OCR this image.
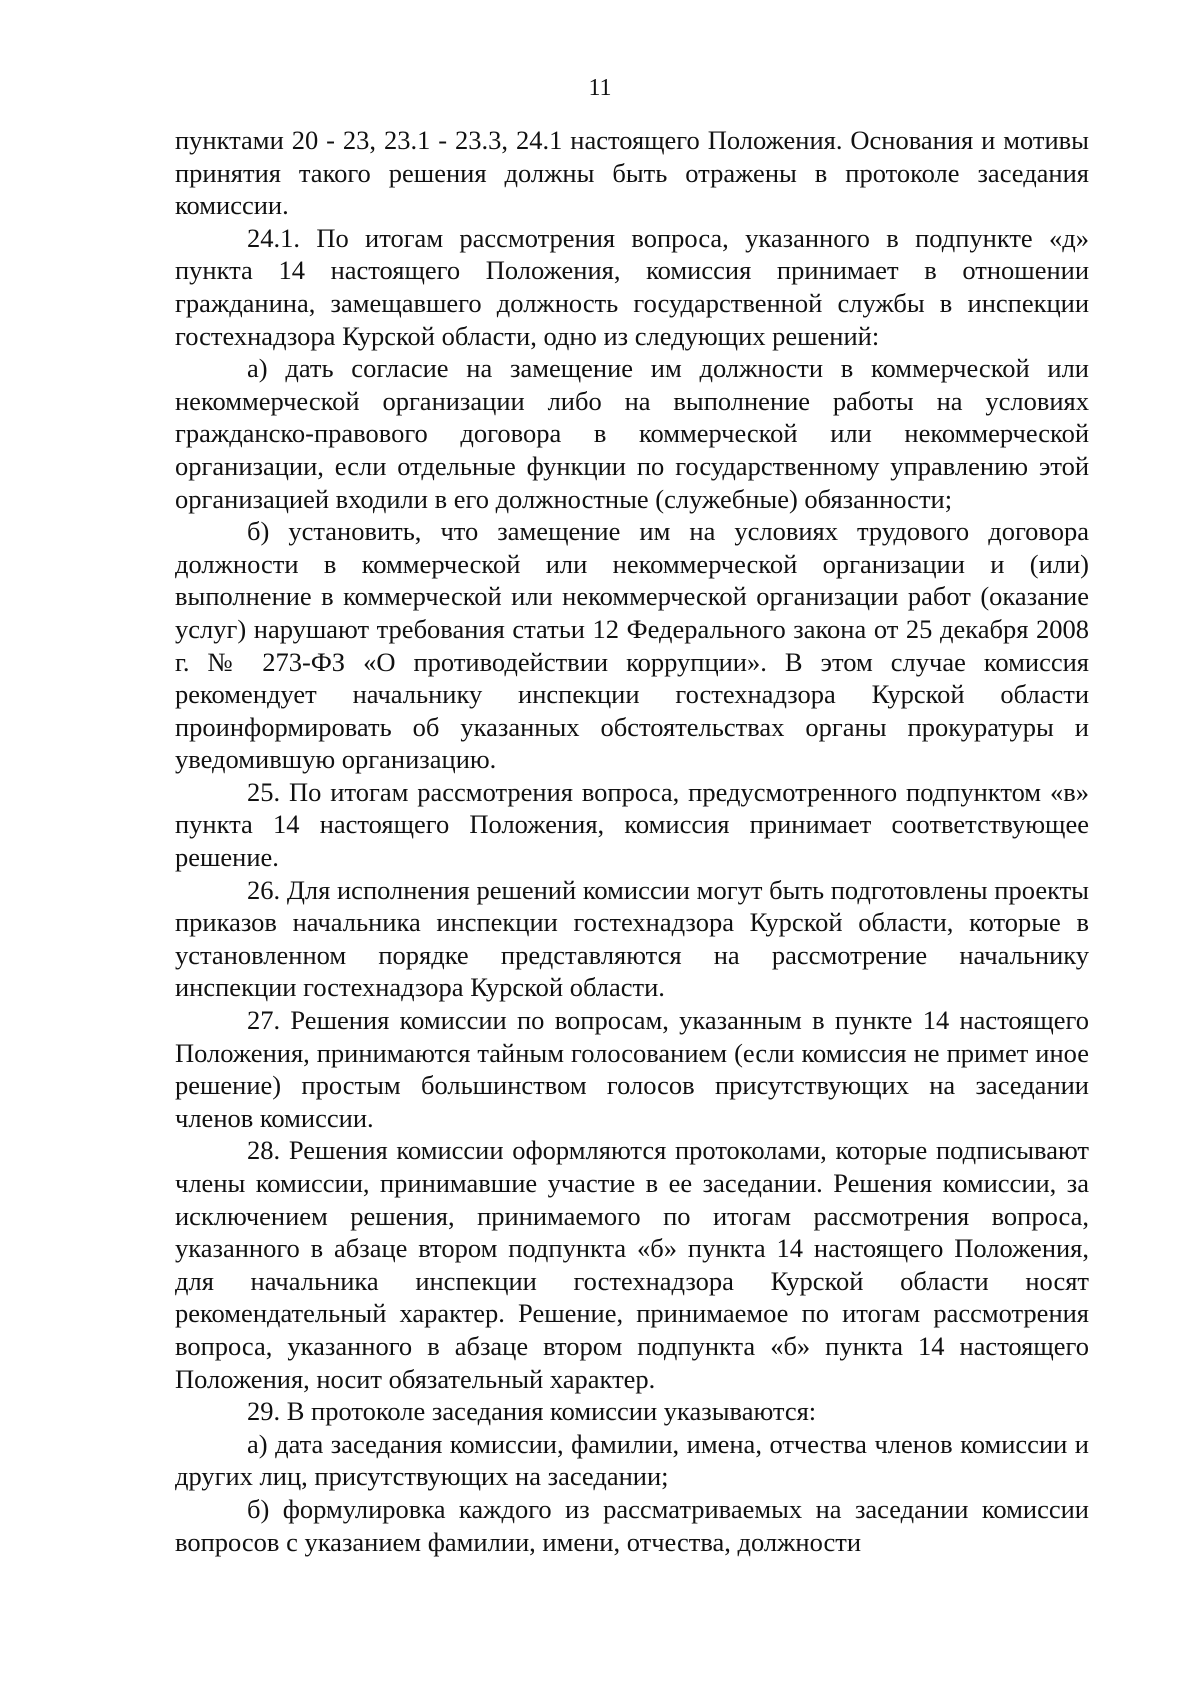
11

пунктами 20 - 23, 23.1 - 23.3, 24.1 настоящего Положения. Основания и мотивы принятия такого решения должны быть отражены в протоколе заседания комиссии.

24.1. По итогам рассмотрения вопроса, указанного в подпункте «д» пункта 14 настоящего Положения, комиссия принимает в отношении гражданина, замещавшего должность государственной службы в инспекции гостехнадзора Курской области, одно из следующих решений:

а) дать согласие на замещение им должности в коммерческой или некоммерческой организации либо на выполнение работы на условиях гражданско-правового договора в коммерческой или некоммерческой организации, если отдельные функции по государственному управлению этой организацией входили в его должностные (служебные) обязанности;

б) установить, что замещение им на условиях трудового договора должности в коммерческой или некоммерческой организации и (или) выполнение в коммерческой или некоммерческой организации работ (оказание услуг) нарушают требования статьи 12 Федерального закона от 25 декабря 2008 г. № 273-ФЗ «О противодействии коррупции». В этом случае комиссия рекомендует начальнику инспекции гостехнадзора Курской области проинформировать об указанных обстоятельствах органы прокуратуры и уведомившую организацию.

25. По итогам рассмотрения вопроса, предусмотренного подпунктом «в» пункта 14 настоящего Положения, комиссия принимает соответствующее решение.

26. Для исполнения решений комиссии могут быть подготовлены проекты приказов начальника инспекции гостехнадзора Курской области, которые в установленном порядке представляются на рассмотрение начальнику инспекции гостехнадзора Курской области.

27. Решения комиссии по вопросам, указанным в пункте 14 настоящего Положения, принимаются тайным голосованием (если комиссия не примет иное решение) простым большинством голосов присутствующих на заседании членов комиссии.

28. Решения комиссии оформляются протоколами, которые подписывают члены комиссии, принимавшие участие в ее заседании. Решения комиссии, за исключением решения, принимаемого по итогам рассмотрения вопроса, указанного в абзаце втором подпункта «б» пункта 14 настоящего Положения, для начальника инспекции гостехнадзора Курской области носят рекомендательный характер. Решение, принимаемое по итогам рассмотрения вопроса, указанного в абзаце втором подпункта «б» пункта 14 настоящего Положения, носит обязательный характер.

29. В протоколе заседания комиссии указываются:

а) дата заседания комиссии, фамилии, имена, отчества членов комиссии и других лиц, присутствующих на заседании;

б) формулировка каждого из рассматриваемых на заседании комиссии вопросов с указанием фамилии, имени, отчества, должности
